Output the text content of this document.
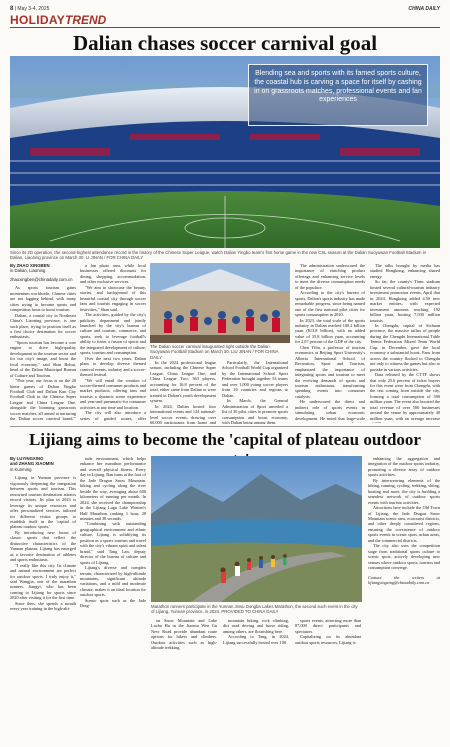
8 | May 3-4, 2025	CHINA DAILY
HOLIDAY TREND
Dalian chases soccer carnival goal
Blending sea and sports with its famed sports culture, the coastal hub is carving a space for itself by cashing in on grassroots matches, professional events and fan experiences
Since its 2D operation, the second-highest attendance record in the history of the Chinese Super League, watch Dalian Yingbo team's first home game in the new CSL season at the Dalian Suoyuwan Football Stadium in Dalian, Liaoning province on March 30. LI JINAN / FOR CHINA DAILY
By ZHAO XINGBEN
in Dalian, Liaoning
zhaoxingben@chinadaily.com.cn

As sports tourism gains momentum worldwide, Chinese cities are not lagging behind, with many cities trying to become sports and competition hosts to boost tourism.

Dalian, a coastal city in Northeast China's Liaoning province, is one such place, trying to position itself as a first choice destination for soccer enthusiasts.

"Sports tourism has become a core engine to drive high-quality development in the tourism sector and for our city's image, and boost the local economy," said Shan Bohui, head of the Dalian Municipal Bureau of Culture and Tourism.

"This year, our focus is on the 20 home games of Dalian Yingbo Football Club and Dalian Kun City Football Club in the Chinese Super League and China League One, alongside the booming grassroots soccer matches, all aimed at nurturing the 'Dalian soccer carnival brand,'"

a fan photo area, while local businesses offered discounts for dining, shopping, accommodation, and other exclusive services.

"We aim to showcase the beauty, stories, and background of this beautiful coastal city through soccer fans and tourists engaging in soccer festivities," Shan said.

The activities, guided by the city's publicity department and jointly launched by the city's bureau of culture and tourism, commerce, and sports, seek to leverage football's ability to foster a fusion of sports and the integrated development of culture, sports, tourism and consumption.

Over the next two years, Dalian plans to develop diverse themed carnival events, industry and a soccer-themed festival.

"We will entail the creation of soccer-themed consumer products and market products, offering fans and tourists a dynamic scene experience and year-and pneumatic-for consumer activities at any time and location.

The city will also introduce a series of guided routes, offer

The Dalian soccer carnival inaugurated right outside the Dalian Suoyuwan Football Stadium on March 30. LIU JINAN / FOR CHINA DAILY

In the 2024 professional league season, including the Chinese Super League, China League One, and China League Two, 363 players, accounting for 16.8 percent of the total, either came from Dalian or were trained in Dalian's youth development system.

In 2024, Dalian hosted four international events and 124 national-level soccer events, drawing over 60,000 participants from home and

Particularly, the International School Football World Cup organized by the International School Sport Federation brought together 53 teams and over 1,000 young soccer players from 26 countries and regions to Dalian.

In March, the General Administration of Sport unveiled a list of 30 pilot cities to promote sports consumption and boost economy, with Dalian being among them.

The administration underscored the importance of enriching product offerings and enhancing service levels to meet the diverse consumption needs of the populace.

According to the city's bureau of sports, Dalian's sports industry has made remarkable progress, since being named one of the first national pilot cities for sports consumption in 2020.

In 2023, the total scale of the sports industry in Dalian reached 100.2 billion yuan ($13.8 billion), with an added value of 35.8 billion yuan, accounting for 2.07 percent of the GDP of the city.

Chen Yilin, a professor of tourism economics at Beijing Sport University's Alberta International School of Recreation, Sport and Tourism, emphasized the importance of integrating sports and tourism to meet the evolving demands of sports and tourism enthusiasts, transforming spending events into consumer catalysts.

He underscored the direct and indirect role of sports events in stimulating urban economic development. He noted that large-scale

The talks brought by media has studied Hongkong, enhancing shared energy.

So far, the county's Tianc stadium hosted several cultural-tourism industry investment promotion events, April that in 2024, Hongkong added 4.50 new market entities, with expected investment amounts reaching 192 billion yuan, hosting 7,030 million tourists.

In Chengdu, capital of Sichuan province, the massive influx of people during the Chengdu International Table Tennis Federation Mixed Team World Cup, in December, gave the local economy a substantial boost. Fans from across the country flocked to Chengdu not only to witness the games but also to partake in various activities.

Data released by the CTTF shows that only 25.6 percent of ticket buyers for this event were from Chengdu, with the rest coming from outside the city, forming a total consumption of 390 million yuan. The event also boosted the total revenue of over 500 businesses around the venue by approximately 40 million yuan, with an average increase

Lijiang aims to become the 'capital of plateau outdoor
By LUYINGXING
and ZHANG XIAOMIN
in Kunming

Lijiang in Yunnan province is vigorously deepening the integration between sports and tourism. This renowned tourism destination attracts record visitors. Its plan in 2023 is leverage its unique resources and offer personalized services tailored for different visitor groups to establish itself as the 'capital of plateau outdoor sports.'

By introducing new forms of classic sports that reflect the distinctive characteristics of the Yunnan plateau, Lijiang has emerged as a favorite destination of athletes and sports enthusiasts.

"I really like this city. Its climate and natural environment are perfect for outdoor sports. I truly enjoy it," said Wangjia, one of the marathon runners. Jiangyi, who has been coming to Lijiang for sports since 2020 after visiting it for the first time.

Since then, she spends a month every year training in the high-alti-

tude environment, which helps enhance her marathon performance and overall physical fitness. Every day in Lijiang, Ran turns at the foot of the Jade Dragon Snow Mountain, hiking and cycling along the river beside the way, averaging about 600 kilometers of running per month. In 2024, she received the championship in the Lijiang Lugu Lake Women's Half Marathon, ranking 1 hour, 28 minutes and 38 seconds.

"Combining with outstanding geographical environment and ethnic culture, Lijiang is solidifying its position as a sports tourism and travel with the city's vibrant spirit and talent brand," said Tang Lan, deputy director of the bureau of culture and sports of Lijiang.

Lijiang's diverse and complex terrain, characterized by high-altitude mountains, significant altitude variations, and a mild and moderate climate, makes it an ideal location for outdoor sports.

Scenic spots such as the Jade Drag-	Marathon runners participate in the Yunnan Jinsu Dongba Lakes Marathon, the second such event in the city of Lijiang, Yunnan province, in 2024. PROVIDED TO CHINA DAILY

on Snow Mountain and Lake Luchu Hu in the Jiaomu Wen Gu Nevr Road provide abundant route options for hikers and climbers. Outdoor activities such as high-altitude trekking,

mountain biking, rock climbing, dirt road driving and horse riding, among others, are flourishing here.

According to Tang, in 2024, Lijiang successfully hosted over 100

sports events, attracting more than 87,000 direct participants and spectators.

Capitalizing on its abundant outdoor sports resources, Lijiang is

enhancing the aggregation and integration of the outdoor sports industry, promoting a diverse array of outdoor sports activities.

By interweaving elements of the hiking, running, cycling, trekking, skiing, boating and more, the city is building a seamless network of outdoor sports events with tourism activities.

Attractions here include the Old Town of Lijiang, the Jade Dragon Snow Mountain scenic area, ecotourist districts, and other deeply considered regions, ensuring the coexistence of outdoor sports events in scenic spots, urban areas, and the commercial districts.

The city also uses the competition stage from traditional sports culture to scenic spots, actively developing new venues where outdoor sports, tourism and consumption converge.

Contact the writers at lijiangyingxing@chinadaily.com.cn
